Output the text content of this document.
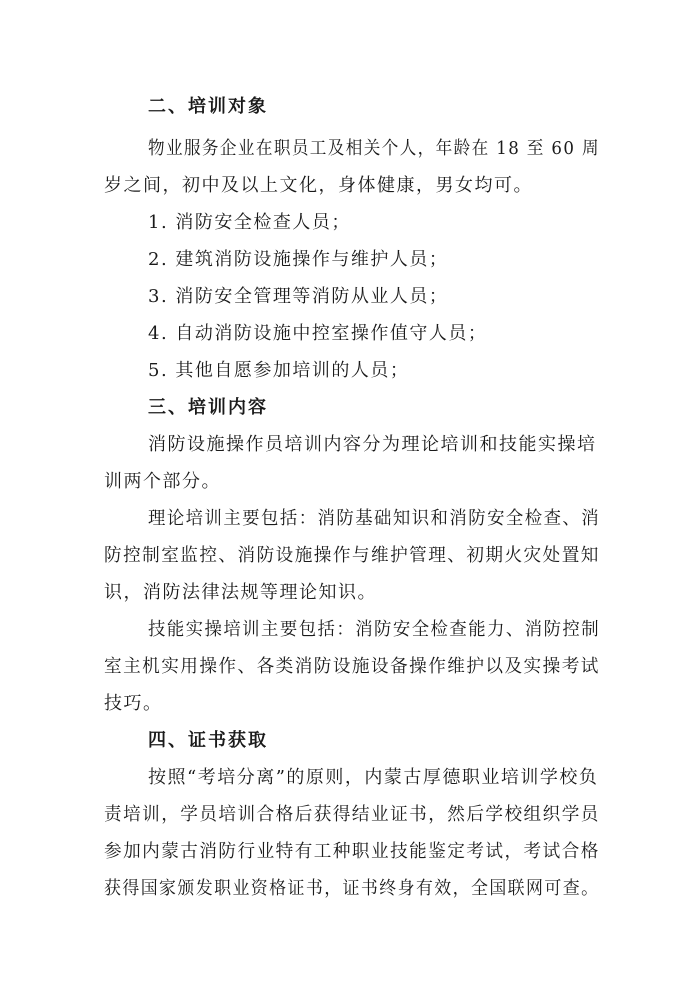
二、培训对象
物业服务企业在职员工及相关个人，年龄在 18 至 60 周
岁之间，初中及以上文化，身体健康，男女均可。
1. 消防安全检查人员；
2. 建筑消防设施操作与维护人员；
3. 消防安全管理等消防从业人员；
4. 自动消防设施中控室操作值守人员；
5. 其他自愿参加培训的人员；
三、培训内容
消防设施操作员培训内容分为理论培训和技能实操培
训两个部分。
理论培训主要包括：消防基础知识和消防安全检查、消
防控制室监控、消防设施操作与维护管理、初期火灾处置知
识，消防法律法规等理论知识。
技能实操培训主要包括：消防安全检查能力、消防控制
室主机实用操作、各类消防设施设备操作维护以及实操考试
技巧。
四、证书获取
按照“考培分离”的原则，内蒙古厚德职业培训学校负
责培训，学员培训合格后获得结业证书，然后学校组织学员
参加内蒙古消防行业特有工种职业技能鉴定考试，考试合格
获得国家颁发职业资格证书，证书终身有效，全国联网可查。
